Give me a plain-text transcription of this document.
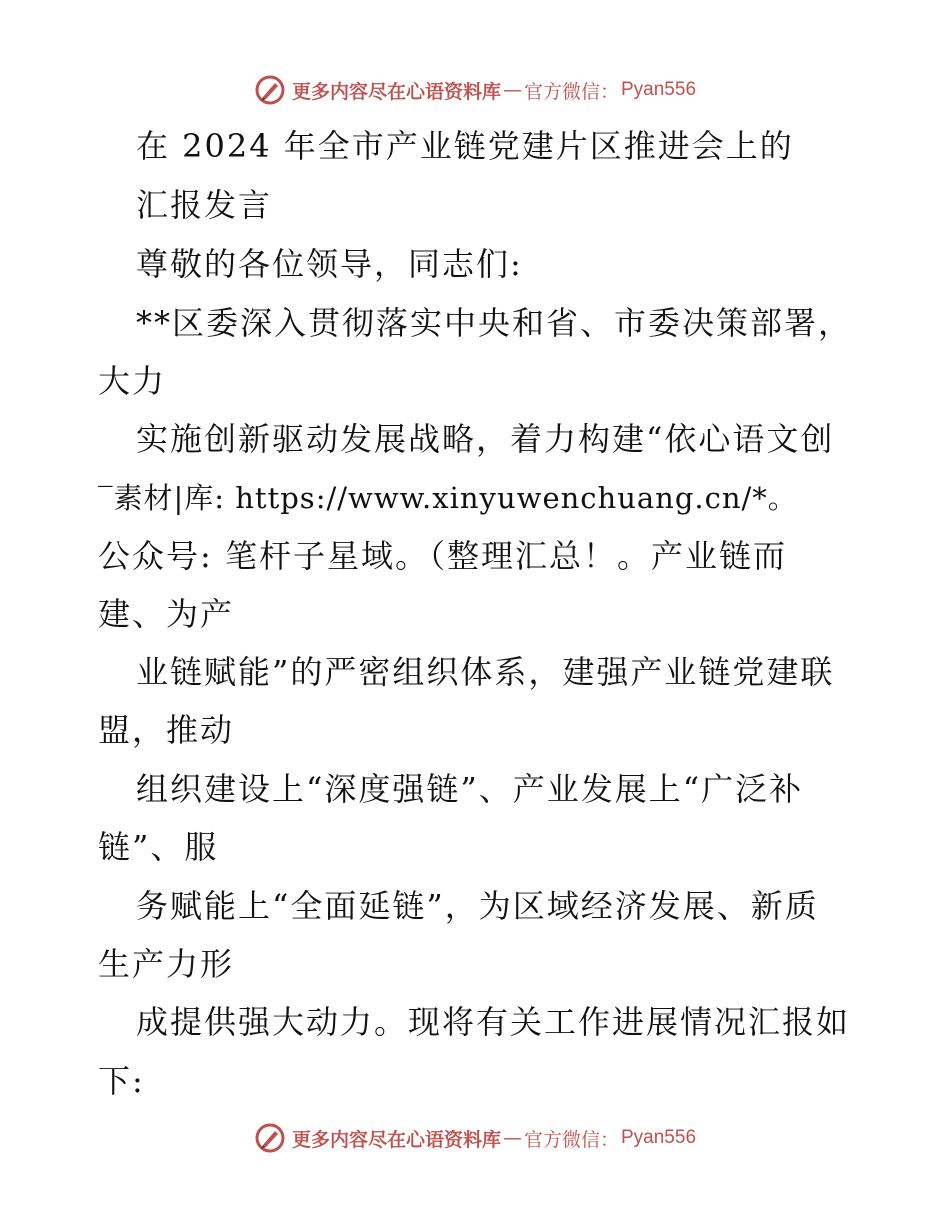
更多内容尽在心语资料库 — 官方微信： Pyan556
在 2024 年全市产业链党建片区推进会上的
汇报发言
尊敬的各位领导，同志们:
**区委深入贯彻落实中央和省、市委决策部署，
大力
实施创新驱动发展战略，着力构建“依心语文创
‾素材|库: https://www.xinyuwenchuang.cn/*。
公众号: 笔杆子星域。（整理汇总！。产业链而
建、为产
业链赋能”的严密组织体系，建强产业链党建联
盟，推动
组织建设上“深度强链”、产业发展上“广泛补
链”、服
务赋能上“全面延链”，为区域经济发展、新质
生产力形
成提供强大动力。现将有关工作进展情况汇报如
下:
更多内容尽在心语资料库 — 官方微信： Pyan556
